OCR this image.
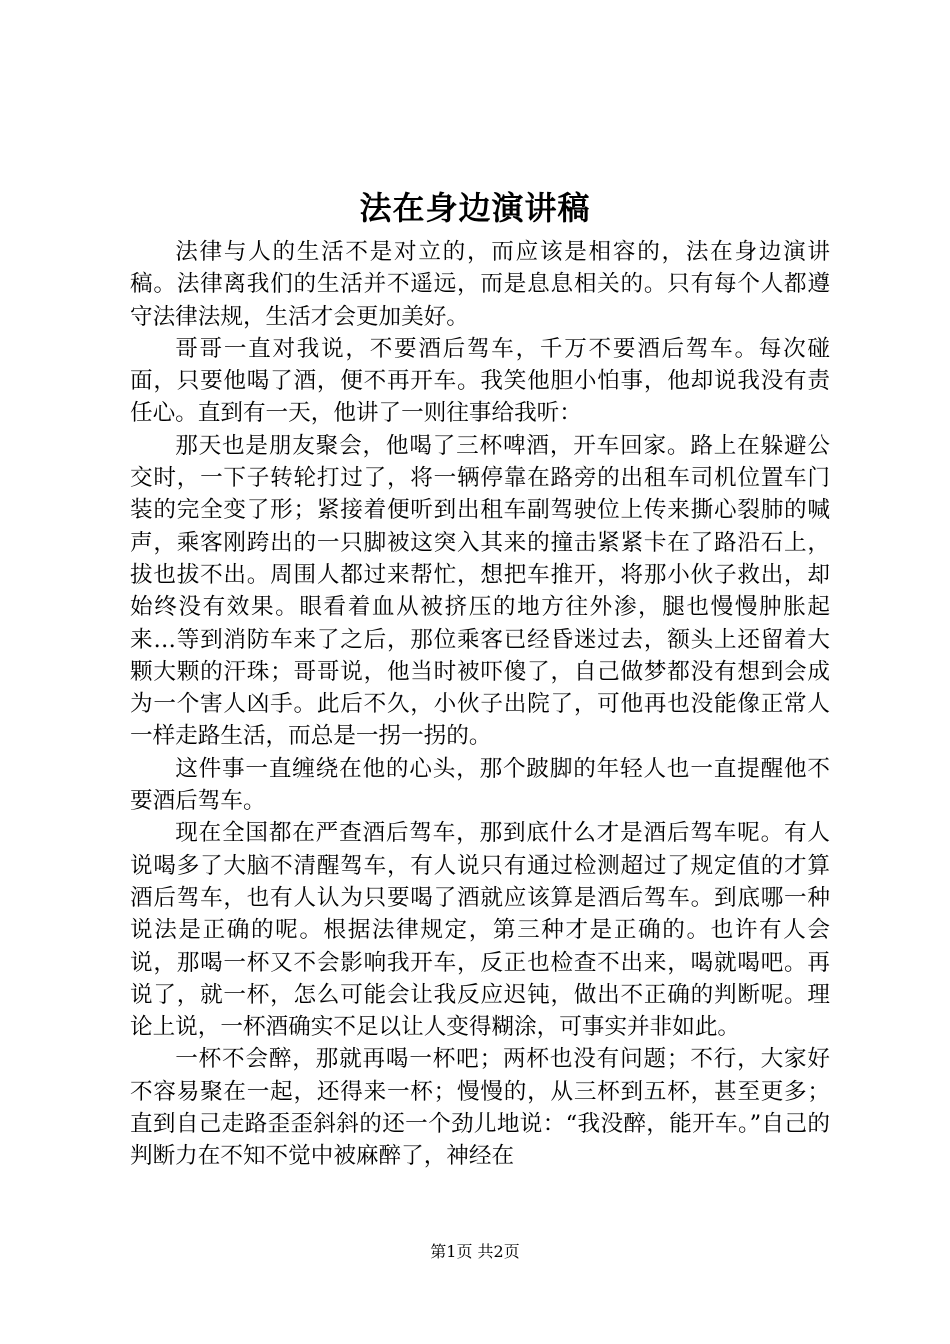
法在身边演讲稿

法律与人的生活不是对立的，而应该是相容的，法在身边演讲稿。法律离我们的生活并不遥远，而是息息相关的。只有每个人都遵守法律法规，生活才会更加美好。

哥哥一直对我说，不要酒后驾车，千万不要酒后驾车。每次碰面，只要他喝了酒，便不再开车。我笑他胆小怕事，他却说我没有责任心。直到有一天，他讲了一则往事给我听：

那天也是朋友聚会，他喝了三杯啤酒，开车回家。路上在躲避公交时，一下子转轮打过了，将一辆停靠在路旁的出租车司机位置车门装的完全变了形；紧接着便听到出租车副驾驶位上传来撕心裂肺的喊声，乘客刚跨出的一只脚被这突入其来的撞击紧紧卡在了路沿石上，拔也拔不出。周围人都过来帮忙，想把车推开，将那小伙子救出，却始终没有效果。眼看着血从被挤压的地方往外渗，腿也慢慢肿胀起来…等到消防车来了之后，那位乘客已经昏迷过去，额头上还留着大颗大颗的汗珠；哥哥说，他当时被吓傻了，自己做梦都没有想到会成为一个害人凶手。此后不久，小伙子出院了，可他再也没能像正常人一样走路生活，而总是一拐一拐的。

这件事一直缠绕在他的心头，那个跛脚的年轻人也一直提醒他不要酒后驾车。

现在全国都在严查酒后驾车，那到底什么才是酒后驾车呢。有人说喝多了大脑不清醒驾车，有人说只有通过检测超过了规定值的才算酒后驾车，也有人认为只要喝了酒就应该算是酒后驾车。到底哪一种说法是正确的呢。根据法律规定，第三种才是正确的。也许有人会说，那喝一杯又不会影响我开车，反正也检查不出来，喝就喝吧。再说了，就一杯，怎么可能会让我反应迟钝，做出不正确的判断呢。理论上说，一杯酒确实不足以让人变得糊涂，可事实并非如此。

一杯不会醉，那就再喝一杯吧；两杯也没有问题；不行，大家好不容易聚在一起，还得来一杯；慢慢的，从三杯到五杯，甚至更多；直到自己走路歪歪斜斜的还一个劲儿地说：“我没醉，能开车。”自己的判断力在不知不觉中被麻醉了，神经在

第1页 共2页
